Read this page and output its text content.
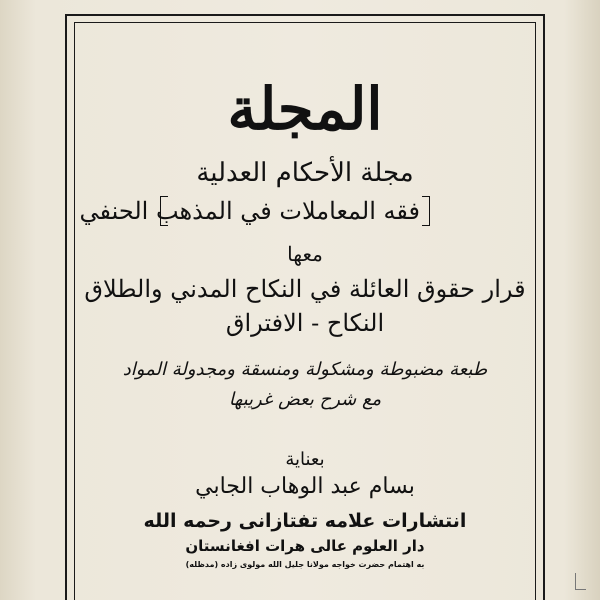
المجلة
مجلة الأحكام العدلية
فقه المعاملات في المذهب الحنفي
معها
قرار حقوق العائلة في النكاح المدني والطلاق
النكاح - الافتراق
طبعة مضبوطة ومشكولة ومنسقة ومجدولة المواد
مع شرح بعض غريبها
بعناية
بسام عبد الوهاب الجابي
انتشارات علامه تفتازانی رحمه الله
دار العلوم عالی هرات افغانستان
به اهتمام حضرت خواجه مولانا جلیل الله مولوی زاده (مدظله)
